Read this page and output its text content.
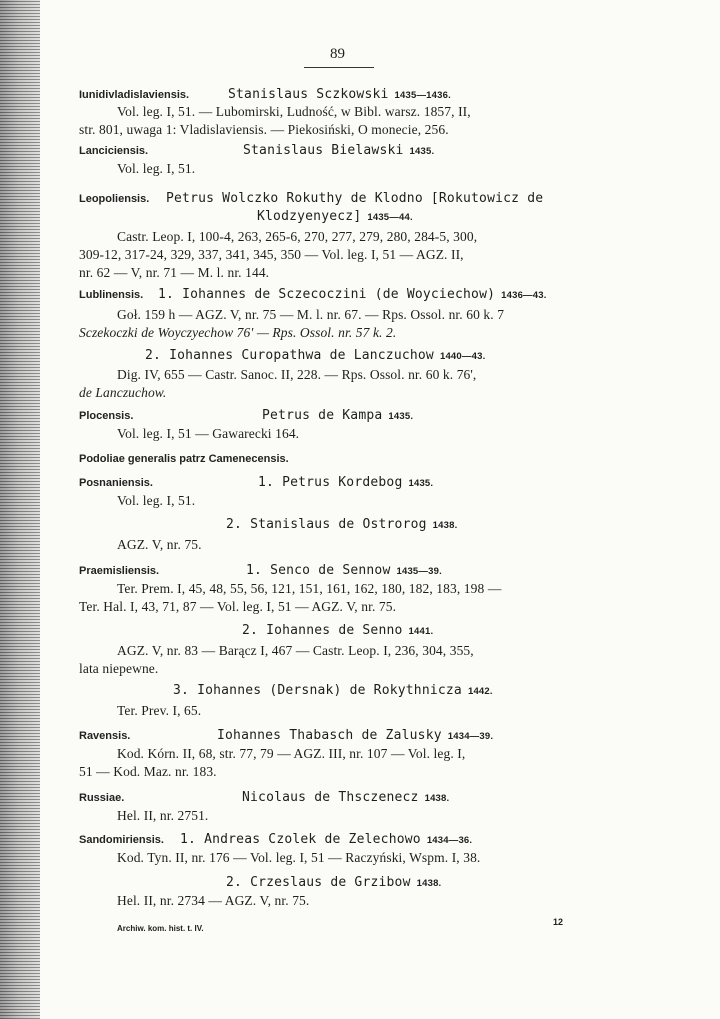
89
Iunidivladislaviensis.	Stanislaus Sczkowski 1435—1436.
Vol. leg. I, 51. — Lubomirski, Ludność, w Bibl. warsz. 1857, II,
str. 801, uwaga 1: Vladislaviensis. — Piekosiński, O monecie, 256.
Lanciciensis.	Stanislaus Bielawski 1435.
Vol. leg. I, 51.
Leopoliensis. Petrus Wolczko Rokuthy de Klodno [Rokutowicz de
Klodzyenyecz] 1435—44.
Castr. Leop. I, 100-4, 263, 265-6, 270, 277, 279, 280, 284-5, 300,
309-12, 317-24, 329, 337, 341, 345, 350 — Vol. leg. I, 51 — AGZ. II,
nr. 62 — V, nr. 71 — M. l. nr. 144.
Lublinensis. 1. Iohannes de Sczecoczini (de Woyciechow) 1436—43.
Goł. 159 h — AGZ. V, nr. 75 — M. l. nr. 67. — Rps. Ossol. nr. 60 k. 7
Sczekoczki de Woyczyechow 76' — Rps. Ossol. nr. 57 k. 2.
2. Iohannes Curopathwa de Lanczuchow 1440—43.
Dig. IV, 655 — Castr. Sanoc. II, 228. — Rps. Ossol. nr. 60 k. 76',
de Lanczuchow.
Plocensis.	Petrus de Kampa 1435.
Vol. leg. I, 51 — Gawarecki 164.
Podoliae generalis patrz Camenecensis.
Posnaniensis.	1. Petrus Kordebog 1435.
Vol. leg. I, 51.
2. Stanislaus de Ostrorog 1438.
AGZ. V, nr. 75.
Praemisliensis.	1. Senco de Sennow 1435—39.
Ter. Prem. I, 45, 48, 55, 56, 121, 151, 161, 162, 180, 182, 183, 198 —
Ter. Hal. I, 43, 71, 87 — Vol. leg. I, 51 — AGZ. V, nr. 75.
2. Iohannes de Senno 1441.
AGZ. V, nr. 83 — Barącz I, 467 — Castr. Leop. I, 236, 304, 355,
lata niepewne.
3. Iohannes (Dersnak) de Rokythnicza 1442.
Ter. Prev. I, 65.
Ravensis.	Iohannes Thabasch de Zalusky 1434—39.
Kod. Kórn. II, 68, str. 77, 79 — AGZ. III, nr. 107 — Vol. leg. I,
51 — Kod. Maz. nr. 183.
Russiae.	Nicolaus de Thsczenecz 1438.
Hel. II, nr. 2751.
Sandomiriensis. 1. Andreas Czolek de Zelechowo 1434—36.
Kod. Tyn. II, nr. 176 — Vol. leg. I, 51 — Raczyński, Wspm. I, 38.
2. Crzeslaus de Grzibow 1438.
Hel. II, nr. 2734 — AGZ. V, nr. 75.
Archiw. kom. hist. t. IV.
12
